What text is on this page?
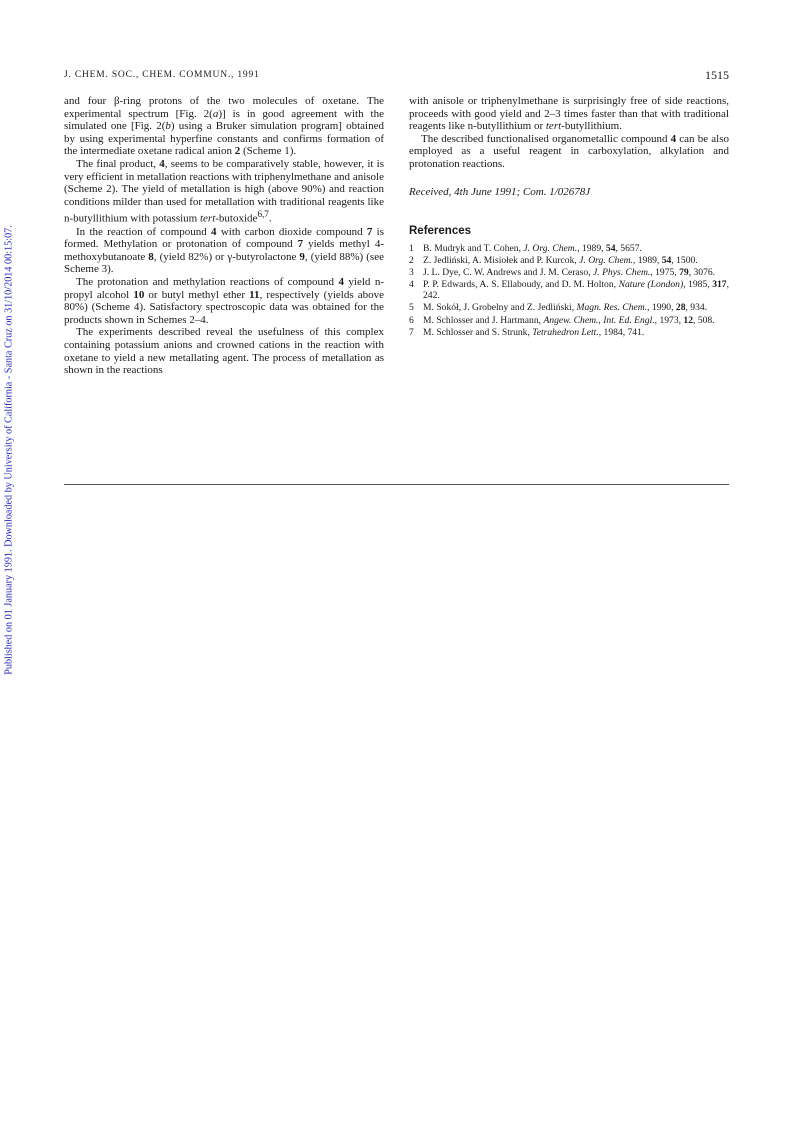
Published on 01 January 1991. Downloaded by University of California - Santa Cruz on 31/10/2014 00:15:07.
J. CHEM. SOC., CHEM. COMMUN., 1991	1515

and four β-ring protons of the two molecules of oxetane. The experimental spectrum [Fig. 2(a)] is in good agreement with the simulated one [Fig. 2(b) using a Bruker simulation program] obtained by using experimental hyperfine constants and confirms formation of the intermediate oxetane radical anion 2 (Scheme 1).

The final product, 4, seems to be comparatively stable, however, it is very efficient in metallation reactions with triphenylmethane and anisole (Scheme 2). The yield of metallation is high (above 90%) and reaction conditions milder than used for metallation with traditional reagents like n-butyllithium with potassium tert-butoxide$^{6,7}$.

In the reaction of compound 4 with carbon dioxide compound 7 is formed. Methylation or protonation of compound 7 yields methyl 4-methoxybutanoate 8, (yield 82%) or γ-butyrolactone 9, (yield 88%) (see Scheme 3).

The protonation and methylation reactions of compound 4 yield n-propyl alcohol 10 or butyl methyl ether 11, respectively (yields above 80%) (Scheme 4). Satisfactory spectroscopic data was obtained for the products shown in Schemes 2–4.

The experiments described reveal the usefulness of this complex containing potassium anions and crowned cations in the reaction with oxetane to yield a new metallating agent. The process of metallation as shown in the reactions

with anisole or triphenylmethane is surprisingly free of side reactions, proceeds with good yield and 2–3 times faster than that with traditional reagents like n-butyllithium or tert-butyllithium.

The described functionalised organometallic compound 4 can be also employed as a useful reagent in carboxylation, alkylation and protonation reactions.

Received, 4th June 1991; Com. 1/02678J

References
1 B. Mudryk and T. Cohen, J. Org. Chem., 1989, 54, 5657.
2 Z. Jedliński, A. Misiołek and P. Kurcok, J. Org. Chem., 1989, 54, 1500.
3 J. L. Dye, C. W. Andrews and J. M. Ceraso, J. Phys. Chem., 1975, 79, 3076.
4 P. P. Edwards, A. S. Ellaboudy, and D. M. Holton, Nature (London), 1985, 317, 242.
5 M. Sokół, J. Grobelny and Z. Jedliński, Magn. Res. Chem., 1990, 28, 934.
6 M. Schlosser and J. Hartmann, Angew. Chem., Int. Ed. Engl., 1973, 12, 508.
7 M. Schlosser and S. Strunk, Tetrahedron Lett., 1984, 741.
